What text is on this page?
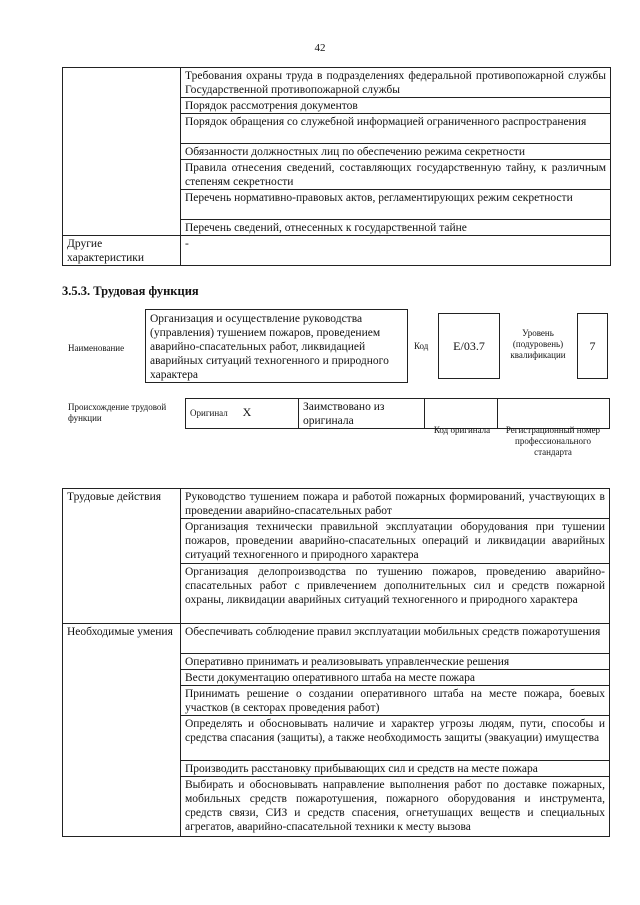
42
	Требования охраны труда в подразделениях федеральной противопожарной службы Государственной противопожарной службы
	Порядок рассмотрения документов
	Порядок обращения со служебной информацией ограниченного распространения
	Обязанности должностных лиц по обеспечению режима секретности
	Правила отнесения сведений, составляющих государственную тайну, к различным степеням секретности
	Перечень нормативно-правовых актов, регламентирующих режим секретности
	Перечень сведений, отнесенных к государственной тайне
Другие характеристики	-
3.5.3. Трудовая функция
Наименование
Организация и осуществление руководства (управления) тушением пожаров, проведением аварийно-спасательных работ, ликвидацией аварийных ситуаций техногенного и природного характера
Код	Е/03.7
Уровень (подуровень) квалификации
7
Происхождение трудовой функции	Оригинал X	Заимствовано из оригинала		
Код оригинала	Регистрационный номер профессионального стандарта
Трудовые действия	Руководство тушением пожара и работой пожарных формирований, участвующих в проведении аварийно-спасательных работ
	Организация технически правильной эксплуатации оборудования при тушении пожаров, проведении аварийно-спасательных операций и ликвидации аварийных ситуаций техногенного и природного характера
	Организация делопроизводства по тушению пожаров, проведению аварийно-спасательных работ с привлечением дополнительных сил и средств пожарной охраны, ликвидации аварийных ситуаций техногенного и природного характера
Необходимые умения	Обеспечивать соблюдение правил эксплуатации мобильных средств пожаротушения
	Оперативно принимать и реализовывать управленческие решения
	Вести документацию оперативного штаба на месте пожара
	Принимать решение о создании оперативного штаба на месте пожара, боевых участков (в секторах проведения работ)
	Определять и обосновывать наличие и характер угрозы людям, пути, способы и средства спасания (защиты), а также необходимость защиты (эвакуации) имущества
	Производить расстановку прибывающих сил и средств на месте пожара
	Выбирать и обосновывать направление выполнения работ по доставке пожарных, мобильных средств пожаротушения, пожарного оборудования и инструмента, средств связи, СИЗ и средств спасения, огнетушащих веществ и специальных агрегатов, аварийно-спасательной техники к месту вызова
